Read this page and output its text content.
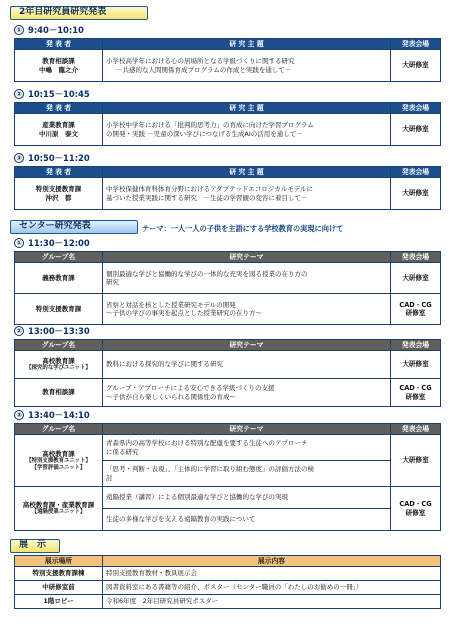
2年目研究員研究発表
① 9:40－10:10
発 表 者	研 究 主 題	発表会場

教育相談課
中嶋　龍之介	小学校高学年における心の居場所となる学級づくりに関する研究
－共感的な人間関係育成プログラムの作成と実践を通して－	大研修室
② 10:15－10:45
発 表 者	研 究 主 題	発表会場

産業教育課
中川原　泰文	小学校中学年における「批判的思考力」の育成に向けた学習プログラム
の開発・実践 －児童の深い学びにつなげる生成AIの活用を通して－	大研修室
③ 10:50－11:20
発 表 者	研 究 主 題	発表会場

特別支援教育課
沖沢　都	中学校保健体育科体育分野におけるアダプテッドエコロジカルモデルに
基づいた授業実践に関する研究　－生徒の学習観の変容に着目して－	大研修室
センター研究発表	テーマ：一人一人の子供を主語にする学校教育の実現に向けて
① 11:30－12:00
グループ名	研究テーマ	発表会場

義務教育課	個別最適な学びと協働的な学びの一体的な充実を図る授業の在り方の
研究	大研修室

特別支援教育課	省察と対話を核とした授業研究モデルの開発
～子供の学びの事実を起点とした授業研究の在り方～	CAD・CG
研修室
② 13:00－13:30
グループ名	研究テーマ	発表会場

高校教育課
【探究的な学びユニット】	教科における探究的な学びに関する研究	大研修室

教育相談課	グループ・アプローチによる安心できる学級づくりの支援
～子供が自ら楽しくいられる関係性の育成～	CAD・CG
研修室
③ 13:40－14:10
グループ名	研究テーマ	発表会場

高校教育課
【特別支援教育ユニット】
【学習評価ユニット】	青森県内の高等学校における特別な配慮を要する生徒へのアプローチ
に係る研究	大研修室

	「思考・判断・表現」、「主体的に学習に取り組む態度」の評価方法の検
討	

高校教育課・産業教育課
【遠隔授業ユニット】	遠隔授業（講習）による個別最適な学びと協働的な学びの実現	CAD・CG
研修室

	生徒の多様な学びを支える遠隔教育の実践について	
展　示
展示場所	展示内容
特別支援教育課棟	特別支援教育教材・教具展示会
中研修室前	図書資料室にある書籍等の紹介、ポスター（センター職員の「わたしのお勧めの一冊」）
1階ロビー	令和6年度　2年目研究員研究ポスター
